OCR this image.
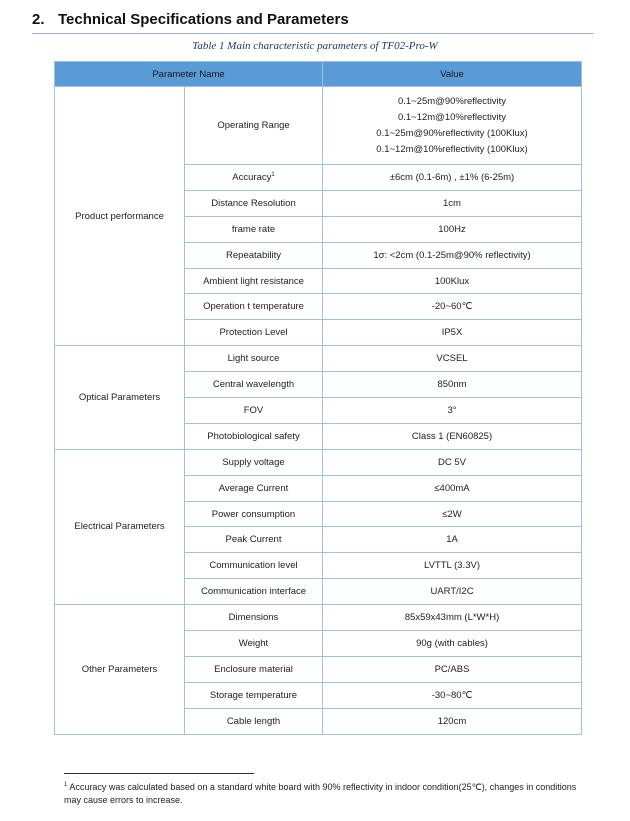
2. Technical Specifications and Parameters
Table 1 Main characteristic parameters of TF02-Pro-W
Parameter Name		Value
Product performance	Operating Range	0.1~25m@90%reflectivity
0.1~12m@10%reflectivity
0.1~25m@90%reflectivity (100Klux)
0.1~12m@10%reflectivity (100Klux)

	Accuracy$^1$	±6cm (0.1-6m) , ±1% (6-25m)

	Distance Resolution	1cm

	frame rate	100Hz

	Repeatability	1σ: <2cm (0.1-25m@90% reflectivity)

	Ambient light resistance	100Klux

	Operation t temperature	-20~60℃

	Protection Level	IP5X

Optical Parameters	Light source	VCSEL

	Central wavelength	850nm

	FOV	3°

	Photobiological safety	Class 1 (EN60825)

Electrical Parameters	Supply voltage	DC 5V

	Average Current	≤400mA

	Power consumption	≤2W

	Peak Current	1A

	Communication level	LVTTL (3.3V)

	Communication interface	UART/I2C

Other Parameters	Dimensions	85x59x43mm (L*W*H)

	Weight	90g (with cables)

	Enclosure material	PC/ABS

	Storage temperature	-30~80℃

	Cable length	120cm
$^1$ Accuracy was calculated based on a standard white board with 90% reflectivity in indoor condition(25℃), changes in conditions may cause errors to increase.
